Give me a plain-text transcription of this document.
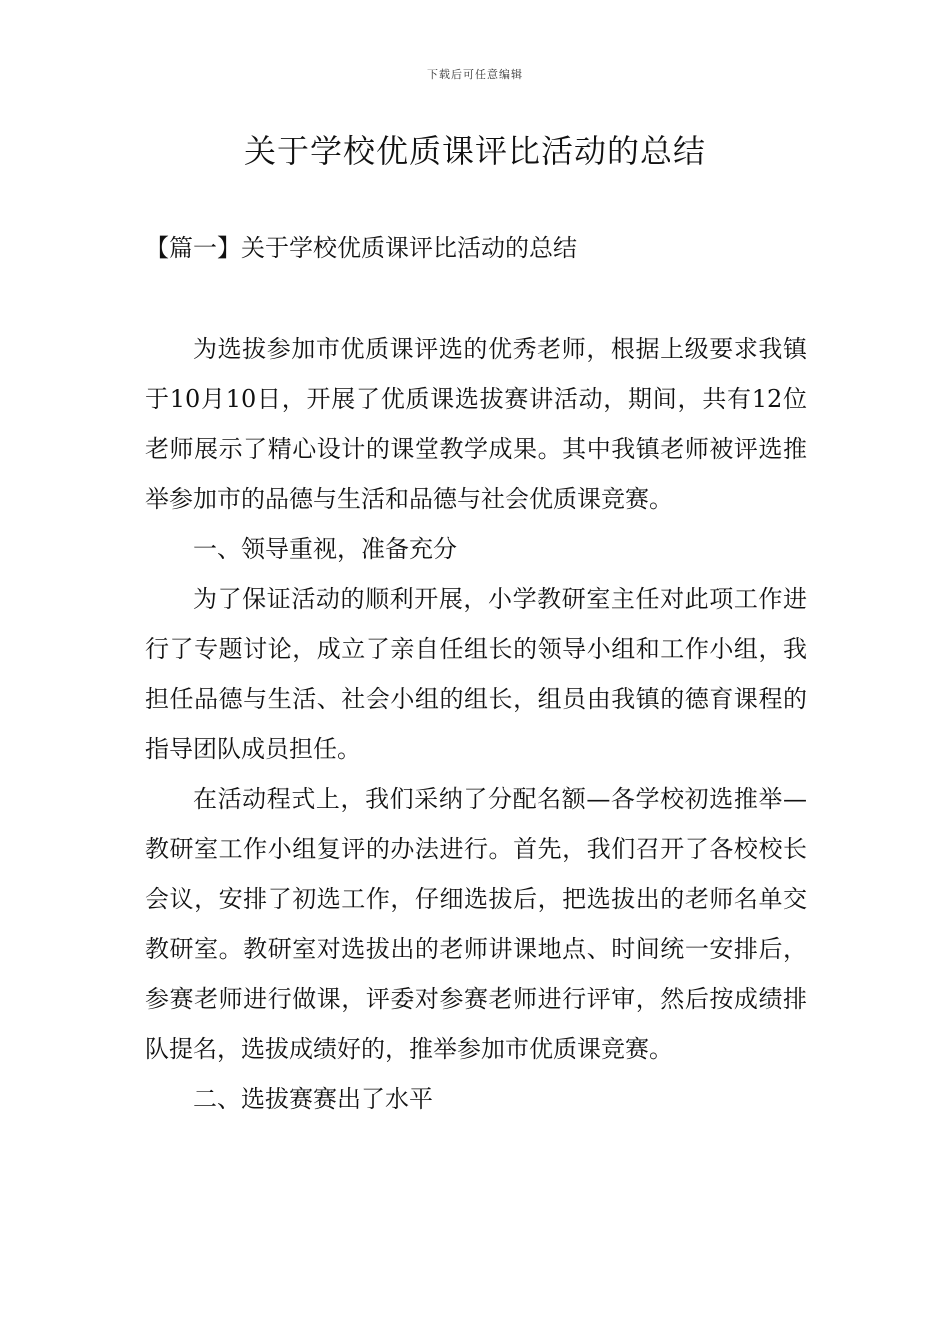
下载后可任意编辑
关于学校优质课评比活动的总结
【篇一】关于学校优质课评比活动的总结

为选拔参加市优质课评选的优秀老师，根据上级要求我镇于10月10日，开展了优质课选拔赛讲活动，期间，共有12位老师展示了精心设计的课堂教学成果。其中我镇老师被评选推举参加市的品德与生活和品德与社会优质课竞赛。

一、领导重视，准备充分

为了保证活动的顺利开展，小学教研室主任对此项工作进行了专题讨论，成立了亲自任组长的领导小组和工作小组，我担任品德与生活、社会小组的组长，组员由我镇的德育课程的指导团队成员担任。

在活动程式上，我们采纳了分配名额—各学校初选推举—教研室工作小组复评的办法进行。首先，我们召开了各校校长会议，安排了初选工作，仔细选拔后，把选拔出的老师名单交教研室。教研室对选拔出的老师讲课地点、时间统一安排后，参赛老师进行做课，评委对参赛老师进行评审，然后按成绩排队提名，选拔成绩好的，推举参加市优质课竞赛。

二、选拔赛赛出了水平
